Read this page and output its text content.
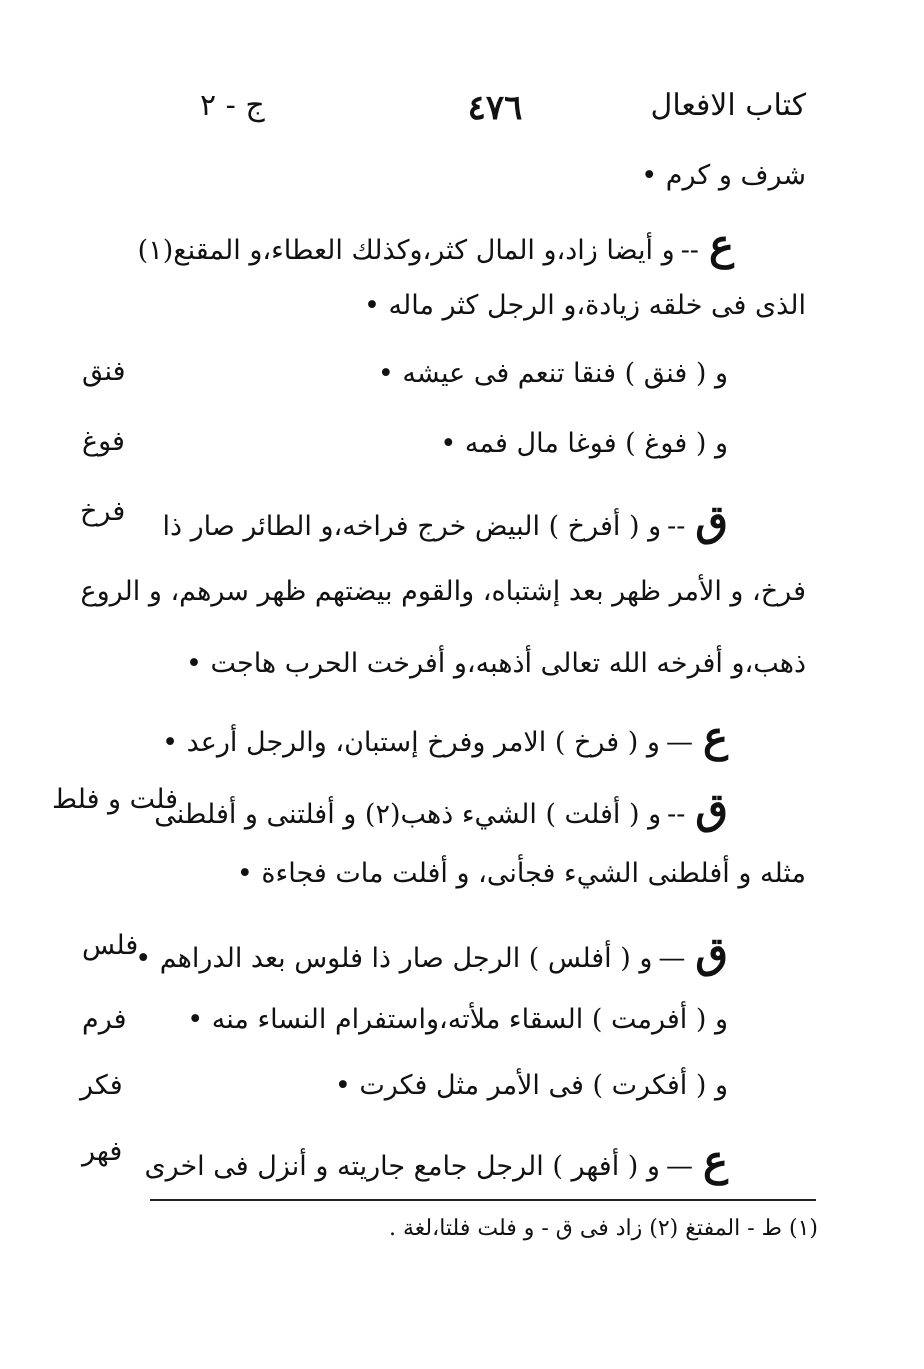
كتاب الافعال
٤٧٦
ج - ٢
شرف و كرم •
ع--و أيضا زاد،و المال كثر،وكذلك العطاء،و المقنع(١)
الذى فى خلقه زيادة،و الرجل كثر ماله •
و ( فنق ) فنقا تنعم فى عيشه •
و ( فوغ ) فوغا مال فمه •
ق--و ( أفرخ ) البيض خرج فراخه،و الطائر صار ذا
فرخ، و الأمر ظهر بعد إشتباه، والقوم بيضتهم ظهر سرهم، و الروع
ذهب،و أفرخه الله تعالى أذهبه،و أفرخت الحرب هاجت •
ع—و ( فرخ ) الامر وفرخ إستبان، والرجل أرعد •
ق--و ( أفلت ) الشيء ذهب(٢) و أفلتنى و أفلطنى
مثله و أفلطنى الشيء فجأنى، و أفلت مات فجاءة •
ق—و ( أفلس ) الرجل صار ذا فلوس بعد الدراهم •
و ( أفرمت ) السقاء ملأته،واستفرام النساء منه •
و ( أفكرت ) فى الأمر مثل فكرت •
ع—و ( أفهر ) الرجل جامع جاريته و أنزل فى اخرى
فنق
فوغ
فرخ
فلت و فلط
فلس
فرم
فكر
فهر
(١) ط - المفتغ (٢) زاد فى ق - و فلت فلتا،لغة .
